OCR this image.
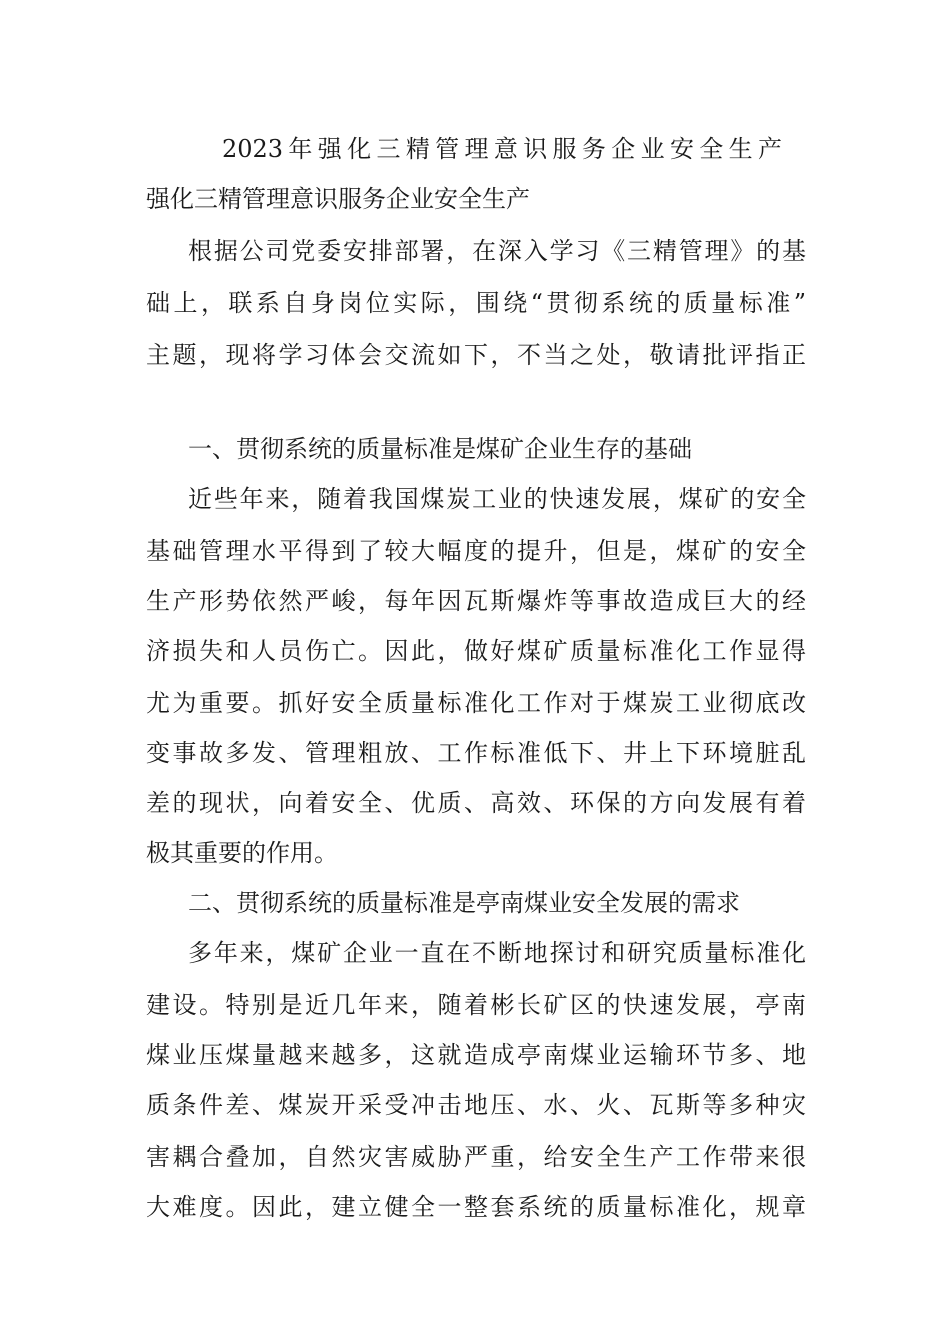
2023年强化三精管理意识服务企业安全生产
强化三精管理意识服务企业安全生产
根据公司党委安排部署，在深入学习《三精管理》的基
础上，联系自身岗位实际，围绕“贯彻系统的质量标准”
主题，现将学习体会交流如下，不当之处，敬请批评指正
一、贯彻系统的质量标准是煤矿企业生存的基础
近些年来，随着我国煤炭工业的快速发展，煤矿的安全
基础管理水平得到了较大幅度的提升，但是，煤矿的安全
生产形势依然严峻，每年因瓦斯爆炸等事故造成巨大的经
济损失和人员伤亡。因此，做好煤矿质量标准化工作显得
尤为重要。抓好安全质量标准化工作对于煤炭工业彻底改
变事故多发、管理粗放、工作标准低下、井上下环境脏乱
差的现状，向着安全、优质、高效、环保的方向发展有着
极其重要的作用。
二、贯彻系统的质量标准是亭南煤业安全发展的需求
多年来，煤矿企业一直在不断地探讨和研究质量标准化
建设。特别是近几年来，随着彬长矿区的快速发展，亭南
煤业压煤量越来越多，这就造成亭南煤业运输环节多、地
质条件差、煤炭开采受冲击地压、水、火、瓦斯等多种灾
害耦合叠加，自然灾害威胁严重，给安全生产工作带来很
大难度。因此，建立健全一整套系统的质量标准化，规章
